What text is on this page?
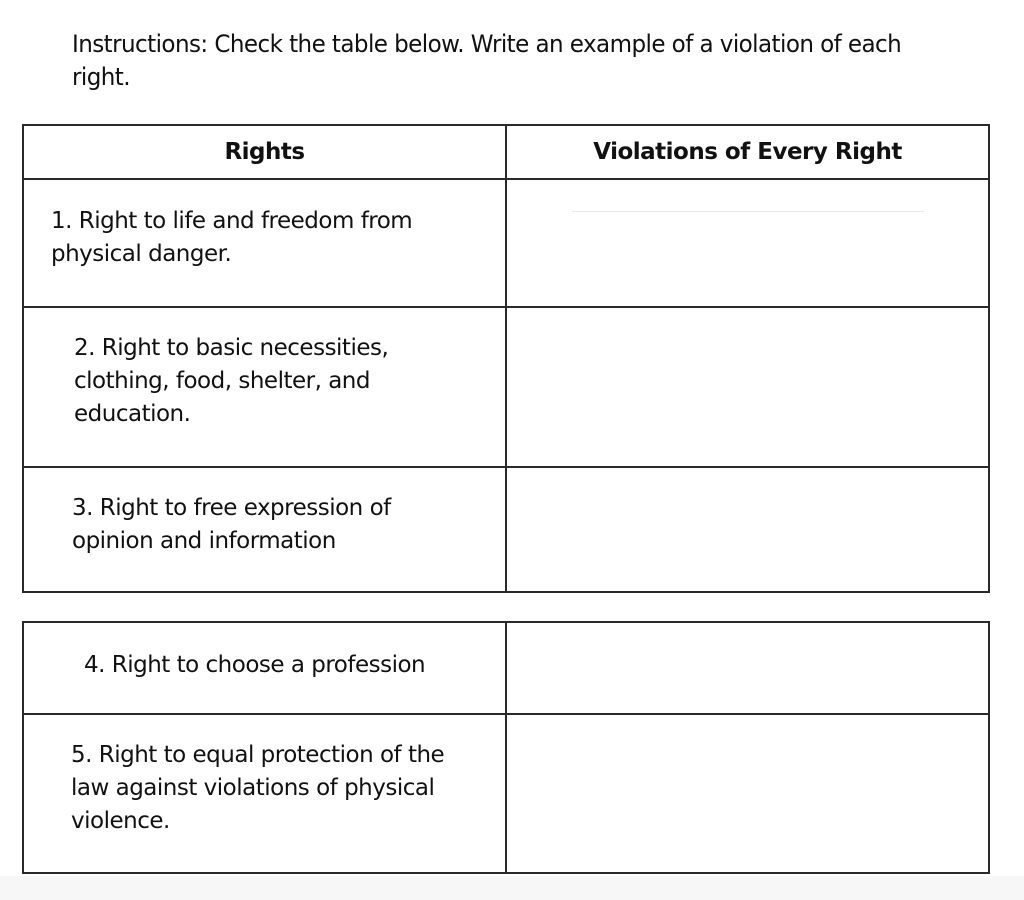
Instructions: Check the table below. Write an example of a violation of each right.
Rights	Violations of Every Right

1. Right to life and freedom from physical danger.	

2. Right to basic necessities, clothing, food, shelter, and education.	

3. Right to free expression of opinion and information	

4. Right to choose a profession	

5. Right to equal protection of the law against violations of physical violence.	
